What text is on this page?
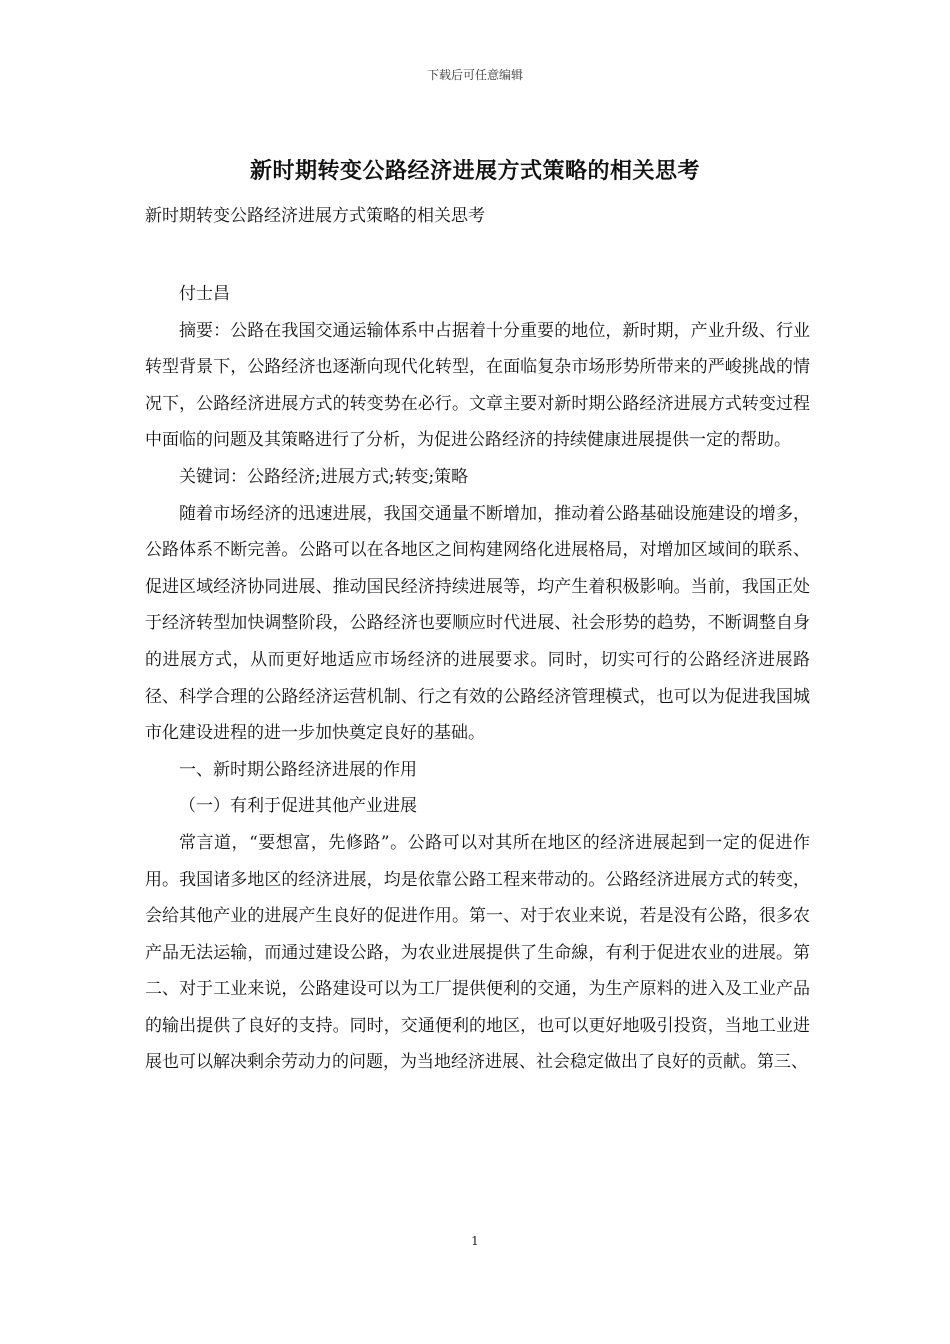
下载后可任意编辑
新时期转变公路经济进展方式策略的相关思考

新时期转变公路经济进展方式策略的相关思考

付士昌

摘要：公路在我国交通运输体系中占据着十分重要的地位，新时期，产业升级、行业转型背景下，公路经济也逐渐向现代化转型，在面临复杂市场形势所带来的严峻挑战的情况下，公路经济进展方式的转变势在必行。文章主要对新时期公路经济进展方式转变过程中面临的问题及其策略进行了分析，为促进公路经济的持续健康进展提供一定的帮助。

关键词：公路经济;进展方式;转变;策略

随着市场经济的迅速进展，我国交通量不断增加，推动着公路基础设施建设的增多，公路体系不断完善。公路可以在各地区之间构建网络化进展格局，对增加区域间的联系、促进区域经济协同进展、推动国民经济持续进展等，均产生着积极影响。当前，我国正处于经济转型加快调整阶段，公路经济也要顺应时代进展、社会形势的趋势，不断调整自身的进展方式，从而更好地适应市场经济的进展要求。同时，切实可行的公路经济进展路径、科学合理的公路经济运营机制、行之有效的公路经济管理模式，也可以为促进我国城市化建设进程的进一步加快奠定良好的基础。

一、新时期公路经济进展的作用

（一）有利于促进其他产业进展

常言道，“要想富，先修路”。公路可以对其所在地区的经济进展起到一定的促进作用。我国诸多地区的经济进展，均是依靠公路工程来带动的。公路经济进展方式的转变，会给其他产业的进展产生良好的促进作用。第一、对于农业来说，若是没有公路，很多农产品无法运输，而通过建设公路，为农业进展提供了生命線，有利于促进农业的进展。第二、对于工业来说，公路建设可以为工厂提供便利的交通，为生产原料的进入及工业产品的输出提供了良好的支持。同时，交通便利的地区，也可以更好地吸引投资，当地工业进展也可以解决剩余劳动力的问题，为当地经济进展、社会稳定做出了良好的贡献。第三、

1
